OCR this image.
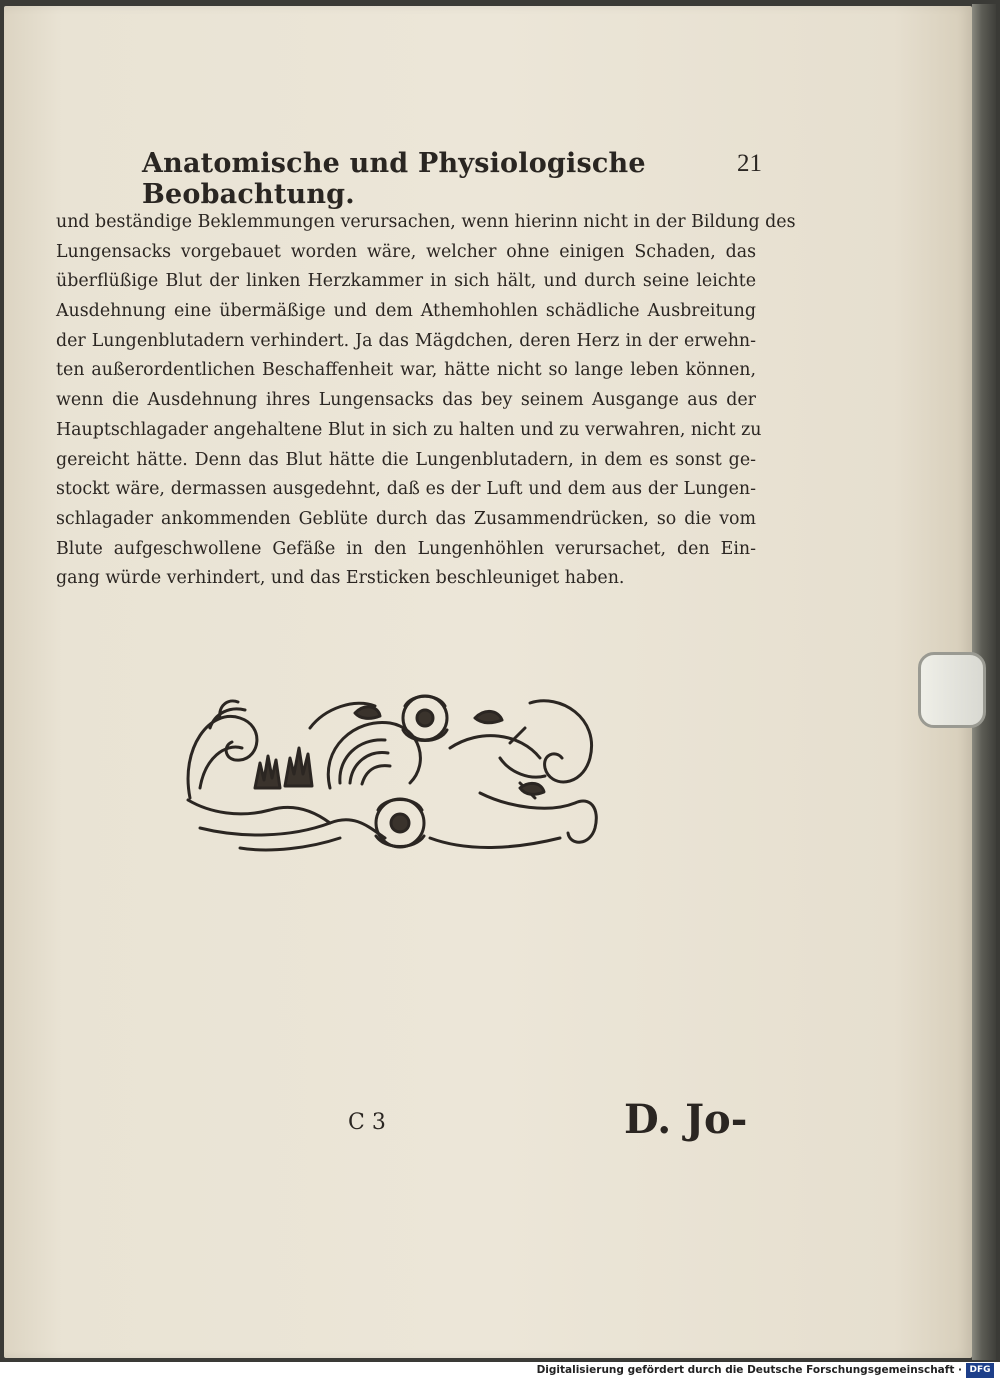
Anatomische und Physiologische Beobachtung.
21
und beständige Beklemmungen verursachen, wenn hierinn nicht in der Bildung des
Lungensacks vorgebauet worden wäre, welcher ohne einigen Schaden, das
überflüßige Blut der linken Herzkammer in sich hält, und durch seine leichte
Ausdehnung eine übermäßige und dem Athemhohlen schädliche Ausbreitung
der Lungenblutadern verhindert. Ja das Mägdchen, deren Herz in der erwehn-
ten außerordentlichen Beschaffenheit war, hätte nicht so lange leben können,
wenn die Ausdehnung ihres Lungensacks das bey seinem Ausgange aus der
Hauptschlagader angehaltene Blut in sich zu halten und zu verwahren, nicht zu
gereicht hätte. Denn das Blut hätte die Lungenblutadern, in dem es sonst ge-
stockt wäre, dermassen ausgedehnt, daß es der Luft und dem aus der Lungen-
schlagader ankommenden Geblüte durch das Zusammendrücken, so die vom
Blute aufgeschwollene Gefäße in den Lungenhöhlen verursachet, den Ein-
gang würde verhindert, und das Ersticken beschleuniget haben.
C 3	D. Jo-
Digitalisierung gefördert durch die Deutsche Forschungsgemeinschaft · DFG
